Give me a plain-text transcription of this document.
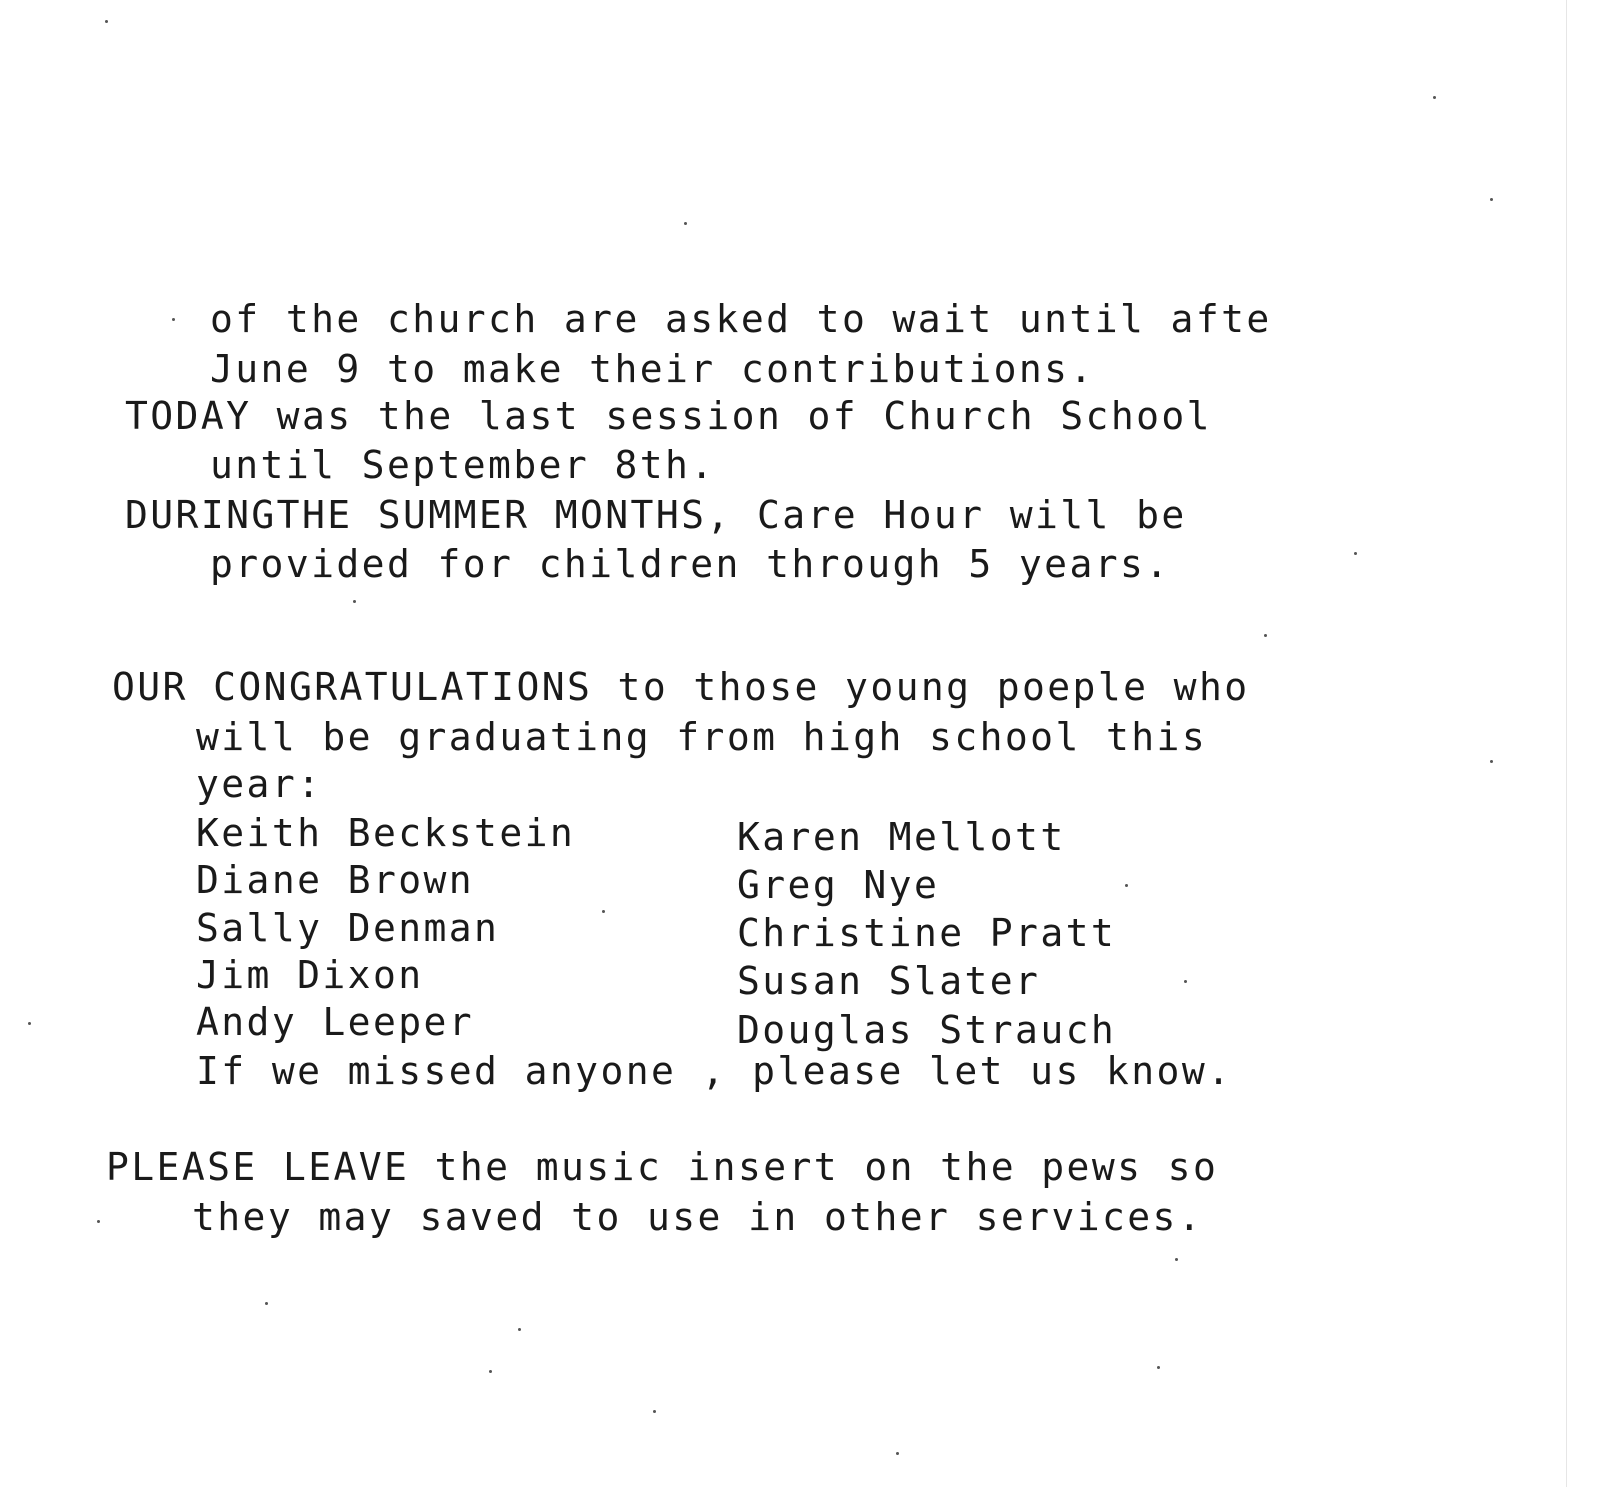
of the church are asked to wait until afte
June 9 to make their contributions.
TODAY was the last session of Church School
until September 8th.
DURINGTHE SUMMER MONTHS, Care Hour will be
provided for children through 5 years.
OUR CONGRATULATIONS to those young poeple who
will be graduating from high school this
year:
Keith Beckstein
Diane Brown
Sally Denman
Jim Dixon
Andy Leeper
Karen Mellott
Greg Nye
Christine Pratt
Susan Slater
Douglas Strauch
If we missed anyone , please let us know.
PLEASE LEAVE the music insert on the pews so
they may saved to use in other services.
